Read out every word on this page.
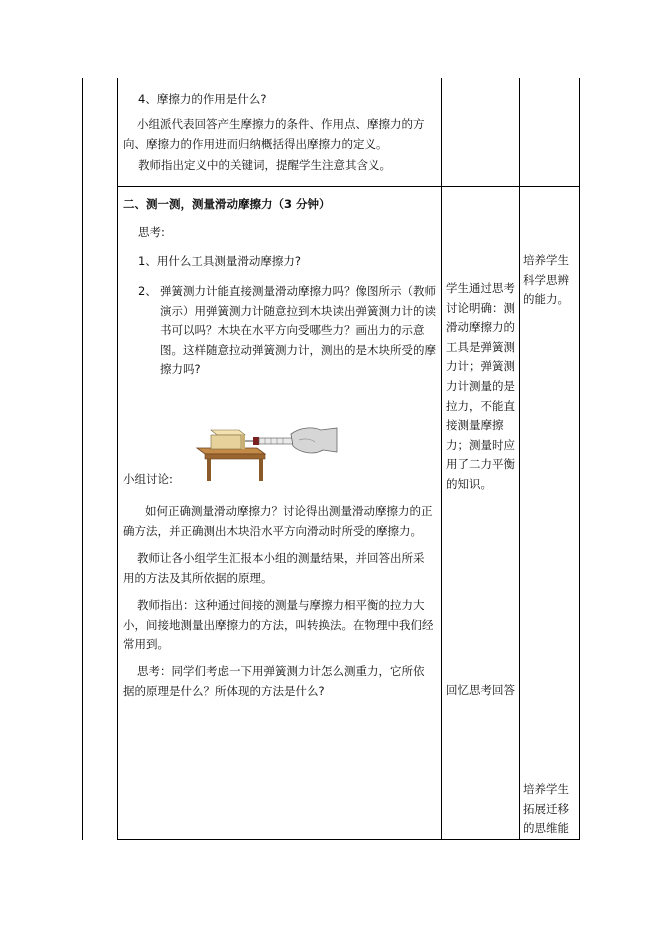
4、摩擦力的作用是什么?
小组派代表回答产生摩擦力的条件、作用点、摩擦力的方向、摩擦力的作用进而归纳概括得出摩擦力的定义。
教师指出定义中的关键词，提醒学生注意其含义。
二、测一测，测量滑动摩擦力（3 分钟）
思考:
1、用什么工具测量滑动摩擦力?
2、 弹簧测力计能直接测量滑动摩擦力吗？像图所示（教师演示）用弹簧测力计随意拉到木块读出弹簧测力计的读书可以吗？木块在水平方向受哪些力？画出力的示意图。这样随意拉动弹簧测力计，测出的是木块所受的摩擦力吗?
小组讨论:
如何正确测量滑动摩擦力？讨论得出测量滑动摩擦力的正确方法，并正确测出木块沿水平方向滑动时所受的摩擦力。
教师让各小组学生汇报本小组的测量结果，并回答出所采用的方法及其所依据的原理。
教师指出：这种通过间接的测量与摩擦力相平衡的拉力大小，间接地测量出摩擦力的方法，叫转换法。在物理中我们经常用到。
思考：同学们考虑一下用弹簧测力计怎么测重力，它所依据的原理是什么？所体现的方法是什么?
学生通过思考讨论明确：测滑动摩擦力的工具是弹簧测力计；弹簧测力计测量的是拉力，不能直接测量摩擦力；测量时应用了二力平衡的知识。
回忆思考回答
培养学生科学思辨的能力。
培养学生拓展迁移的思维能
